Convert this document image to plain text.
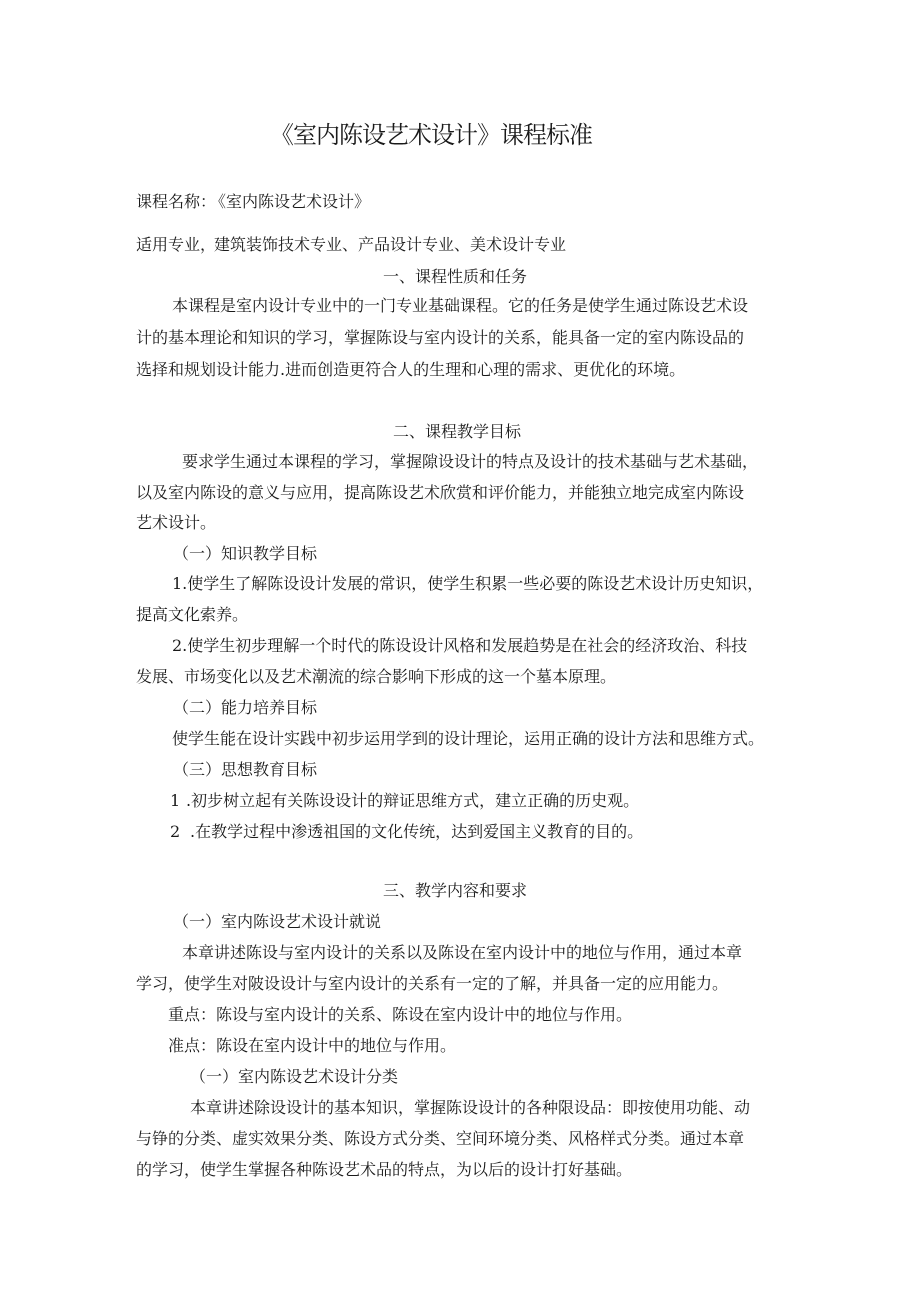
《室内陈设艺术设计》课程标准
课程名称：
《室内陈设艺术设计》
适用专业，
建筑装饰技术专业、产品设计专业、美术设计专业
一、课程性质和任务
本课程是室内设计专业中的一门专业基础课程。它的任务是使学生通过陈设艺术设
计的基本理论和知识的学习，掌握陈设与室内设计的关系，能具备一定的室内陈设品的
选择和规划设计能力.进而创造更符合人的生理和心理的需求、更优化的环境。
二、课程教学目标
要求学生通过本课程的学习，掌握隙设设计的特点及设计的技术基础与艺术基础，
以及室内陈设的意义与应用，提高陈设艺术欣赏和评价能力，并能独立地完成室内陈设
艺术设计。
（一）知识教学目标
1.使学生了解陈设设计发展的常识，使学生积累一些必要的陈设艺术设计历史知识，
提高文化索养。
2.使学生初步理解一个时代的陈设设计风格和发展趋势是在社会的经济玫治、科技
发展、市场变化以及艺术潮流的综合影响下形成的这一个墓本原理。
（二）能力培养目标
使学生能在设计实践中初步运用学到的设计理论，运用正确的设计方法和思维方式。
（三）思想教育目标
1 .初步树立起有关陈设设计的辩证思维方式，建立正确的历史观。
2 .在教学过程中渗透祖国的文化传统，达到爱国主义教育的目的。
三、教学内容和要求
（一）室内陈设艺术设计就说
本章讲述陈设与室内设计的关系以及陈设在室内设计中的地位与作用，通过本章
学习，使学生对陂设设计与室内设计的关系有一定的了解，并具备一定的应用能力。
重点：陈设与室内设计的关系、陈设在室内设计中的地位与作用。
准点：陈设在室内设计中的地位与作用。
（一）室内陈设艺术设计分类
本章讲述除设设计的基本知识，掌握陈设设计的各种限设品：即按使用功能、动
与铮的分类、虚实效果分类、陈设方式分类、空间环境分类、风格样式分类。通过本章
的学习，使学生掌握各种陈设艺术品的特点，为以后的设计打好基础。
